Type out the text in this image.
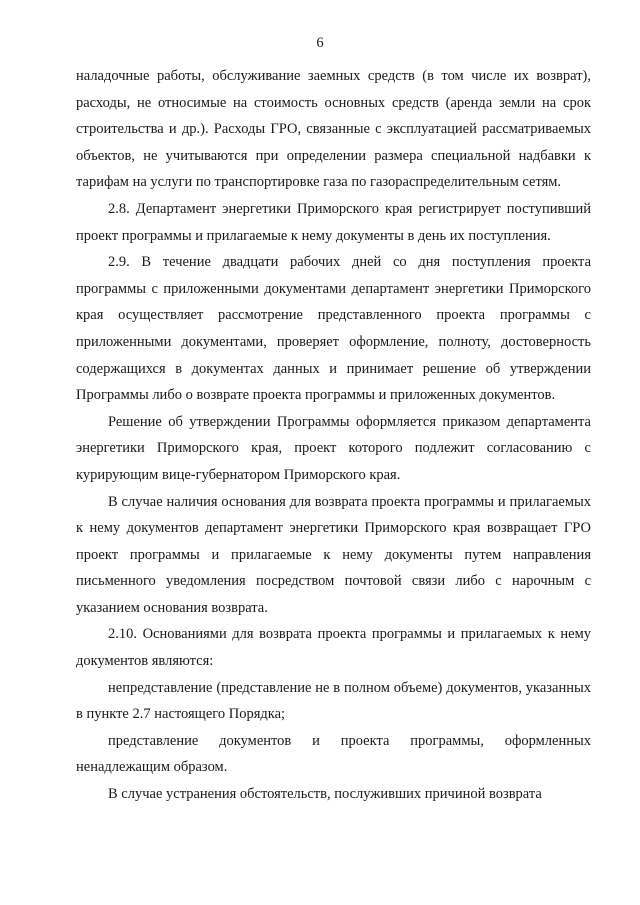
6

наладочные работы, обслуживание заемных средств (в том числе их возврат), расходы, не относимые на стоимость основных средств (аренда земли на срок строительства и др.). Расходы ГРО, связанные с эксплуатацией рассматриваемых объектов, не учитываются при определении размера специальной надбавки к тарифам на услуги по транспортировке газа по газораспределительным сетям.

2.8. Департамент энергетики Приморского края регистрирует поступивший проект программы и прилагаемые к нему документы в день их поступления.

2.9. В течение двадцати рабочих дней со дня поступления проекта программы с приложенными документами департамент энергетики Приморского края осуществляет рассмотрение представленного проекта программы с приложенными документами, проверяет оформление, полноту, достоверность содержащихся в документах данных и принимает решение об утверждении Программы либо о возврате проекта программы и приложенных документов.

Решение об утверждении Программы оформляется приказом департамента энергетики Приморского края, проект которого подлежит согласованию с курирующим вице-губернатором Приморского края.

В случае наличия основания для возврата проекта программы и прилагаемых к нему документов департамент энергетики Приморского края возвращает ГРО проект программы и прилагаемые к нему документы путем направления письменного уведомления посредством почтовой связи либо с нарочным с указанием основания возврата.

2.10. Основаниями для возврата проекта программы и прилагаемых к нему документов являются:

непредставление (представление не в полном объеме) документов, указанных в пункте 2.7 настоящего Порядка;

представление документов и проекта программы, оформленных ненадлежащим образом.

В случае устранения обстоятельств, послуживших причиной возврата
